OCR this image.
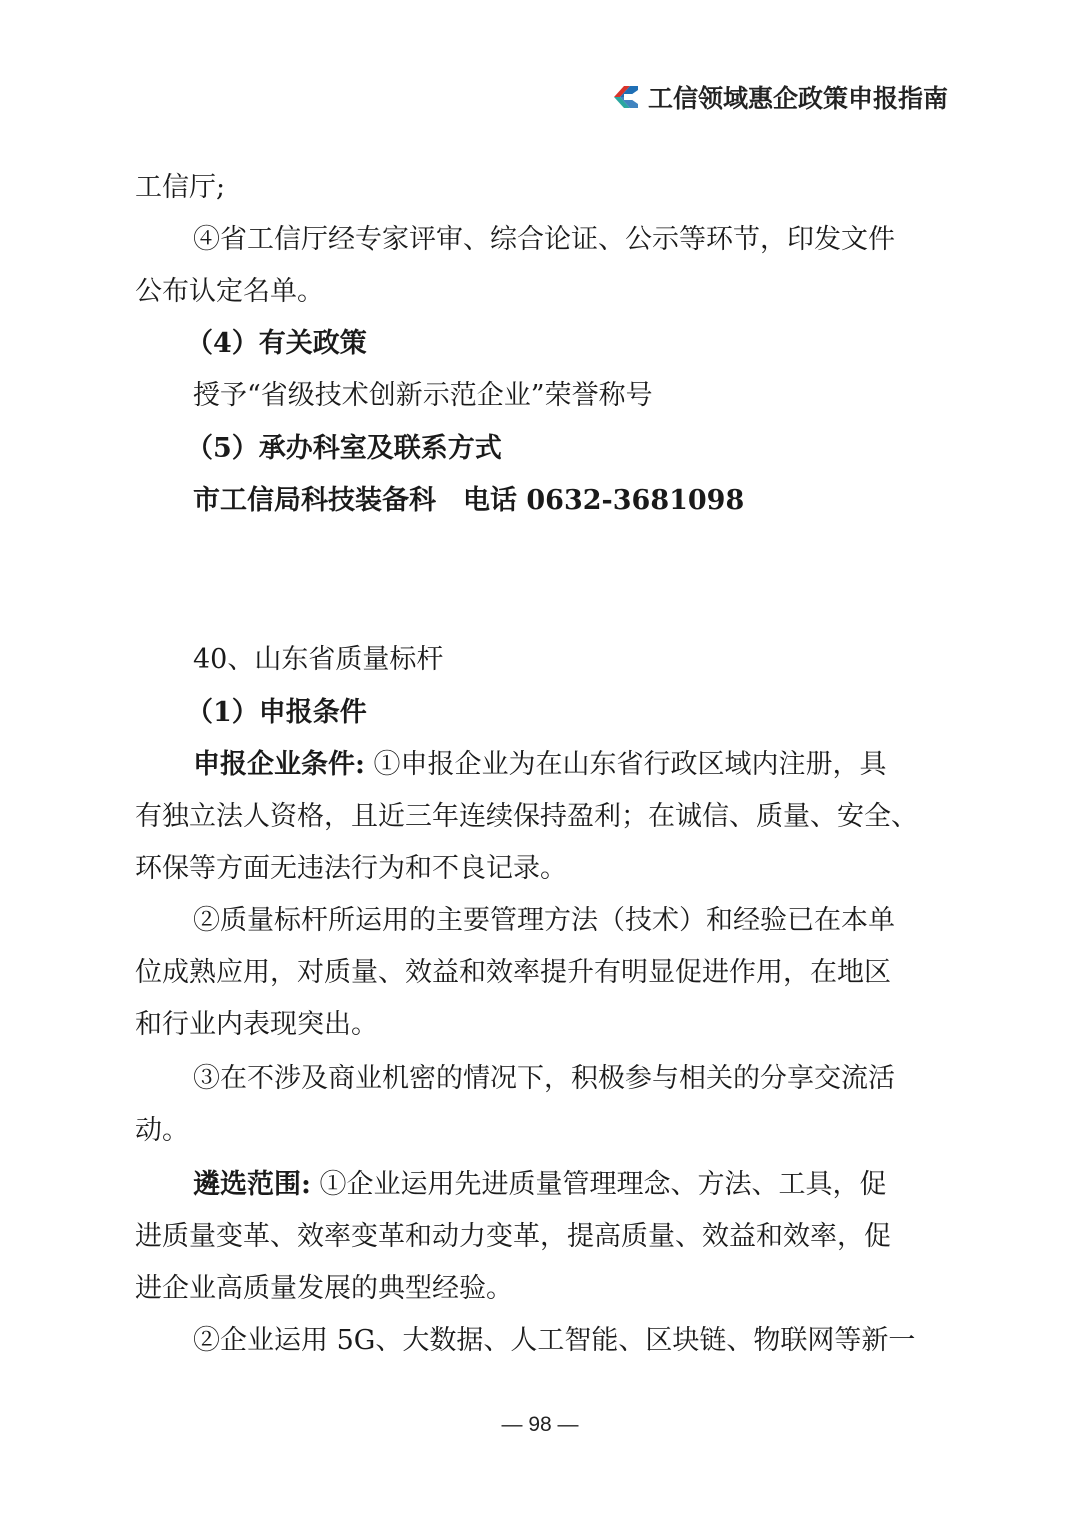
工信领域惠企政策申报指南
工信厅;
④省工信厅经专家评审、综合论证、公示等环节，印发文件
公布认定名单。
（4）有关政策
授予“省级技术创新示范企业”荣誉称号
（5）承办科室及联系方式
市工信局科技装备科　电话 0632-3681098
40、山东省质量标杆
（1）申报条件
申报企业条件: ①申报企业为在山东省行政区域内注册，具
有独立法人资格，且近三年连续保持盈利；在诚信、质量、安全、
环保等方面无违法行为和不良记录。
②质量标杆所运用的主要管理方法（技术）和经验已在本单
位成熟应用，对质量、效益和效率提升有明显促进作用，在地区
和行业内表现突出。
③在不涉及商业机密的情况下，积极参与相关的分享交流活
动。
遴选范围: ①企业运用先进质量管理理念、方法、工具，促
进质量变革、效率变革和动力变革，提高质量、效益和效率，促
进企业高质量发展的典型经验。
②企业运用 5G、大数据、人工智能、区块链、物联网等新一
— 98 —
